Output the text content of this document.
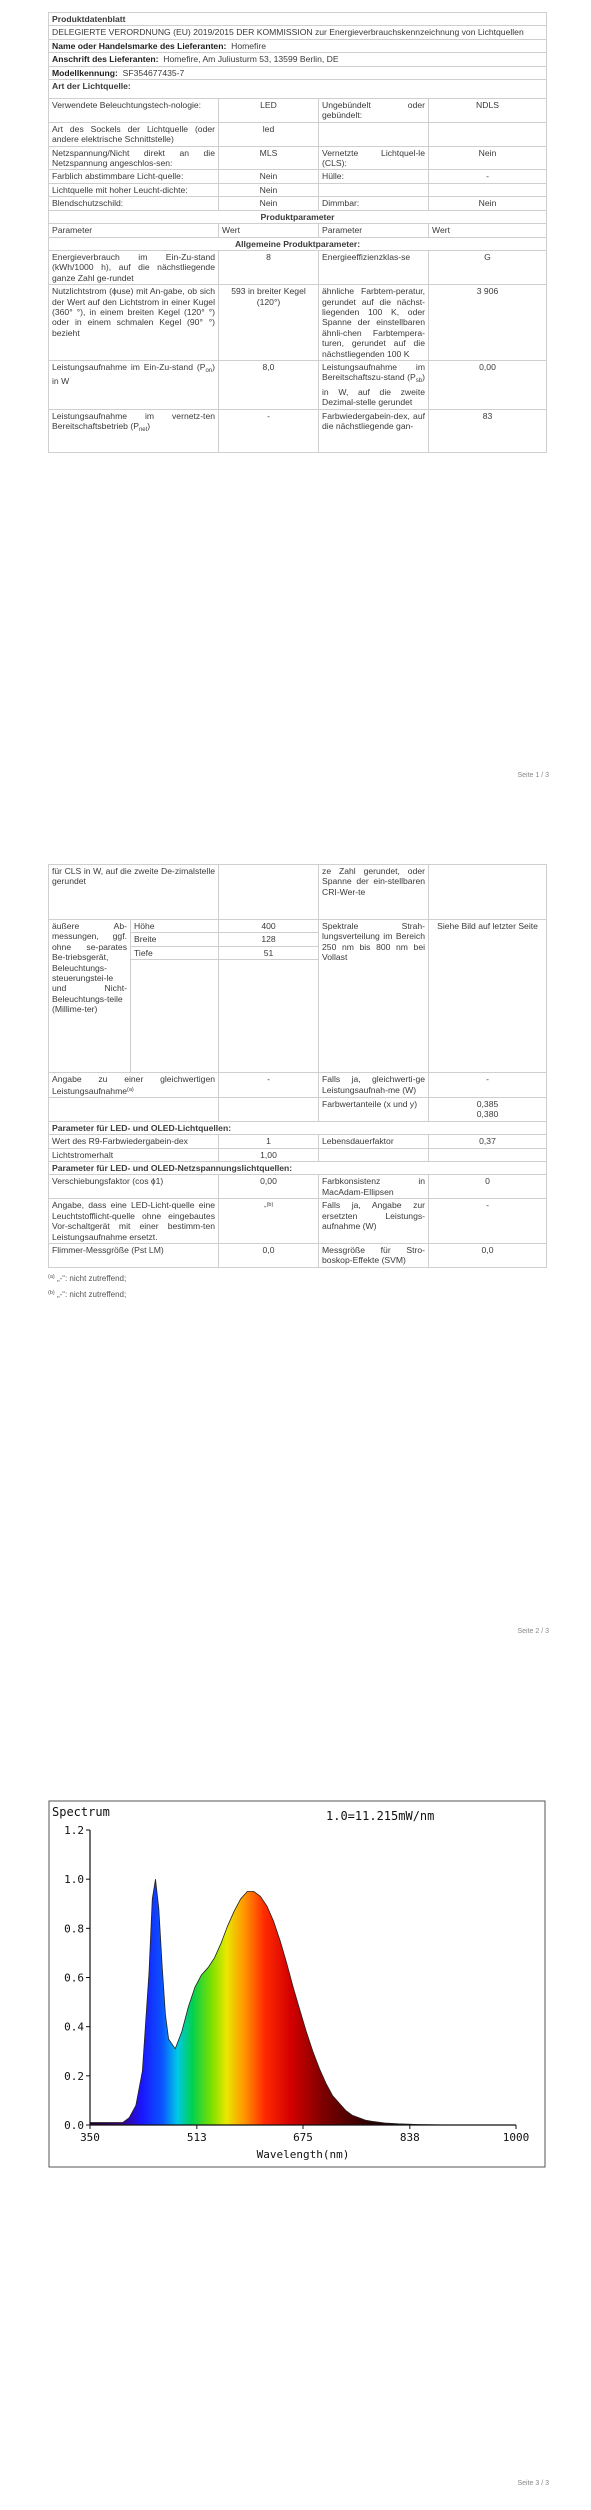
Produktdatenblatt			
DELEGIERTE VERORDNUNG (EU) 2019/2015 DER KOMMISSION zur Energieverbrauchskennzeichnung von Lichtquellen			
Name oder Handelsmarke des Lieferanten: Homefire			
Anschrift des Lieferanten: Homefire, Am Juliusturm 53, 13599 Berlin, DE			
Modellkennung: SF354677435-7			
Art der Lichtquelle:			
Verwendete Beleuchtungstech-nologie:	LED	Ungebündelt oder gebündelt:	NDLS
Art des Sockels der Lichtquelle (oder andere elektrische Schnittstelle)	led		
Netzspannung/Nicht direkt an die Netzspannung angeschlos-sen:	MLS	Vernetzte Lichtquel-le (CLS):	Nein
Farblich abstimmbare Licht-quelle:	Nein	Hülle:	-
Lichtquelle mit hoher Leucht-dichte:	Nein		
Blendschutzschild:	Nein	Dimmbar:	Nein
Produktparameter			
Parameter	Wert	Parameter	Wert
Allgemeine Produktparameter:			
Energieverbrauch im Ein-Zu-stand (kWh/1000 h), auf die nächstliegende ganze Zahl ge-rundet	8	Energieeffizienzklas-se	G
Nutzlichtstrom (ɸuse) mit An-gabe, ob sich der Wert auf den Lichtstrom in einer Kugel (360° °), in einem breiten Kegel (120° °) oder in einem schmalen Kegel (90° °) bezieht	593 in breiter Kegel (120°)	ähnliche Farbtem-peratur, gerundet auf die nächst-liegenden 100 K, oder Spanne der einstellbaren ähnli-chen Farbtempera-turen, gerundet auf die nächstliegenden 100 K	3 906
Leistungsaufnahme im Ein-Zu-stand $(P_{on})$ in W	8,0	Leistungsaufnahme im Bereitschaftszu-stand $(P_{sb})$ in W, auf die zweite Dezimal-stelle gerundet	0,00
Leistungsaufnahme im vernetz-ten Bereitschaftsbetrieb $(P_{net})$	-	Farbwiedergabein-dex, auf die nächstliegende gan-	83
Seite 1 / 3
für CLS in W, auf die zweite De-zimalstelle gerundet			ze Zahl gerundet, oder Spanne der ein-stellbaren CRI-Wer-te	
äußere Ab-messungen, ggf. ohne se-parates Be-triebsgerät, Beleuchtungs-steuerungstei-le und Nicht-Beleuchtungs-teile (Millime-ter)	Höhe	400	Spektrale Strah-lungsverteilung im Bereich 250 nm bis 800 nm bei Vollast	Siehe Bild auf letzter Seite
	Breite	128		
	Tiefe	51		

Angabe zu einer gleichwertigen Leistungsaufnahme$^{(a)}$		-	Falls ja, gleichwerti-ge Leistungsaufnah-me (W)	-
			Farbwertanteile (x und y)	0,385
0,380
Parameter für LED- und OLED-Lichtquellen:				
Wert des R9-Farbwiedergabein-dex		1	Lebensdauerfaktor	0,37
Lichtstromerhalt		1,00		
Parameter für LED- und OLED-Netzspannungslichtquellen:				
Verschiebungsfaktor (cos ɸ1)		0,00	Farbkonsistenz in MacAdam-Ellipsen	0
Angabe, dass eine LED-Licht-quelle eine Leuchtstofflicht-quelle ohne eingebautes Vor-schaltgerät mit einer bestimm-ten Leistungsaufnahme ersetzt.		-$^{(b)}$	Falls ja, Angabe zur ersetzten Leistungs-aufnahme (W)	-
Flimmer-Messgröße (Pst LM)		0,0	Messgröße für Stro-boskop-Effekte (SVM)	0,0
$^{(a)}$ „-“: nicht zutreffend;
$^{(b)}$ „-“: nicht zutreffend;
Seite 2 / 3
Spectrum	1.0=11.215mW/nm
0.0
0.2
0.4
0.6
0.8
1.0
1.2
350	513	675	838	1000
Wavelength(nm)
Seite 3 / 3
